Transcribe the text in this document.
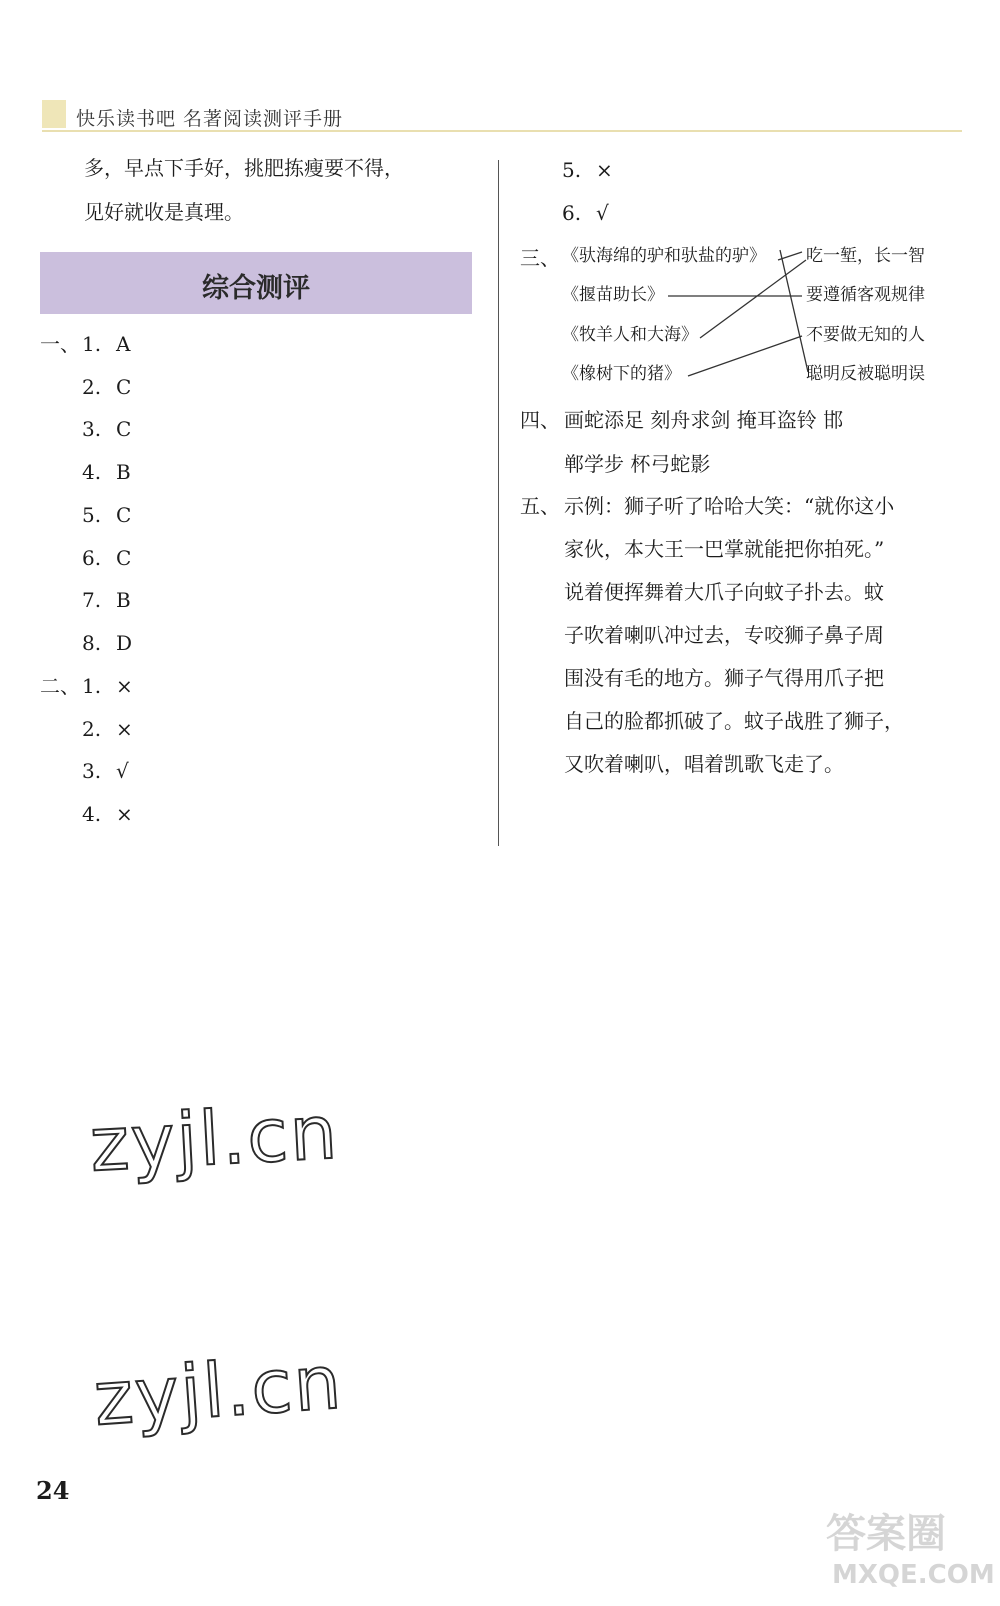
快乐读书吧 名著阅读测评手册
多，早点下手好，挑肥拣瘦要不得，
见好就收是真理。
综合测评
一、 1. A
2. C
3. C
4. B
5. C
6. C
7. B
8. D
二、 1. ×
2. ×
3. √
4. ×
5. ×
6. √
三、 《驮海绵的驴和驮盐的驴》
《揠苗助长》
《牧羊人和大海》
《橡树下的猪》
吃一堑，长一智
要遵循客观规律
不要做无知的人
聪明反被聪明误
四、 画蛇添足 刻舟求剑 掩耳盗铃 邯
郸学步 杯弓蛇影
五、 示例：狮子听了哈哈大笑：“就你这小
家伙，本大王一巴掌就能把你拍死。”
说着便挥舞着大爪子向蚊子扑去。蚊
子吹着喇叭冲过去，专咬狮子鼻子周
围没有毛的地方。狮子气得用爪子把
自己的脸都抓破了。蚊子战胜了狮子，
又吹着喇叭，唱着凯歌飞走了。
zyjl.cn
zyjl.cn
24
答案圈
MXQE.COM
